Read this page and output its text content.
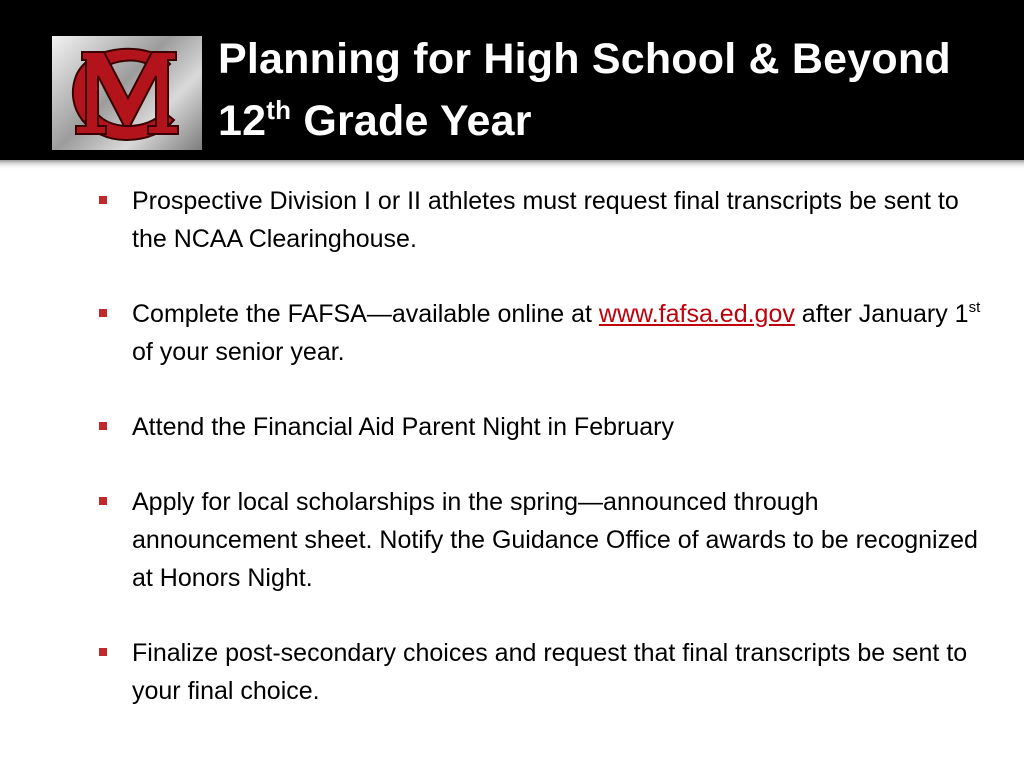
Planning for High School & Beyond
12th Grade Year
Prospective Division I or II athletes must request final transcripts be sent to the NCAA Clearinghouse.
Complete the FAFSA—available online at www.fafsa.ed.gov after January 1st of your senior year.
Attend the Financial Aid Parent Night in February
Apply for local scholarships in the spring—announced through announcement sheet. Notify the Guidance Office of awards to be recognized at Honors Night.
Finalize post-secondary choices and request that final transcripts be sent to your final choice.
